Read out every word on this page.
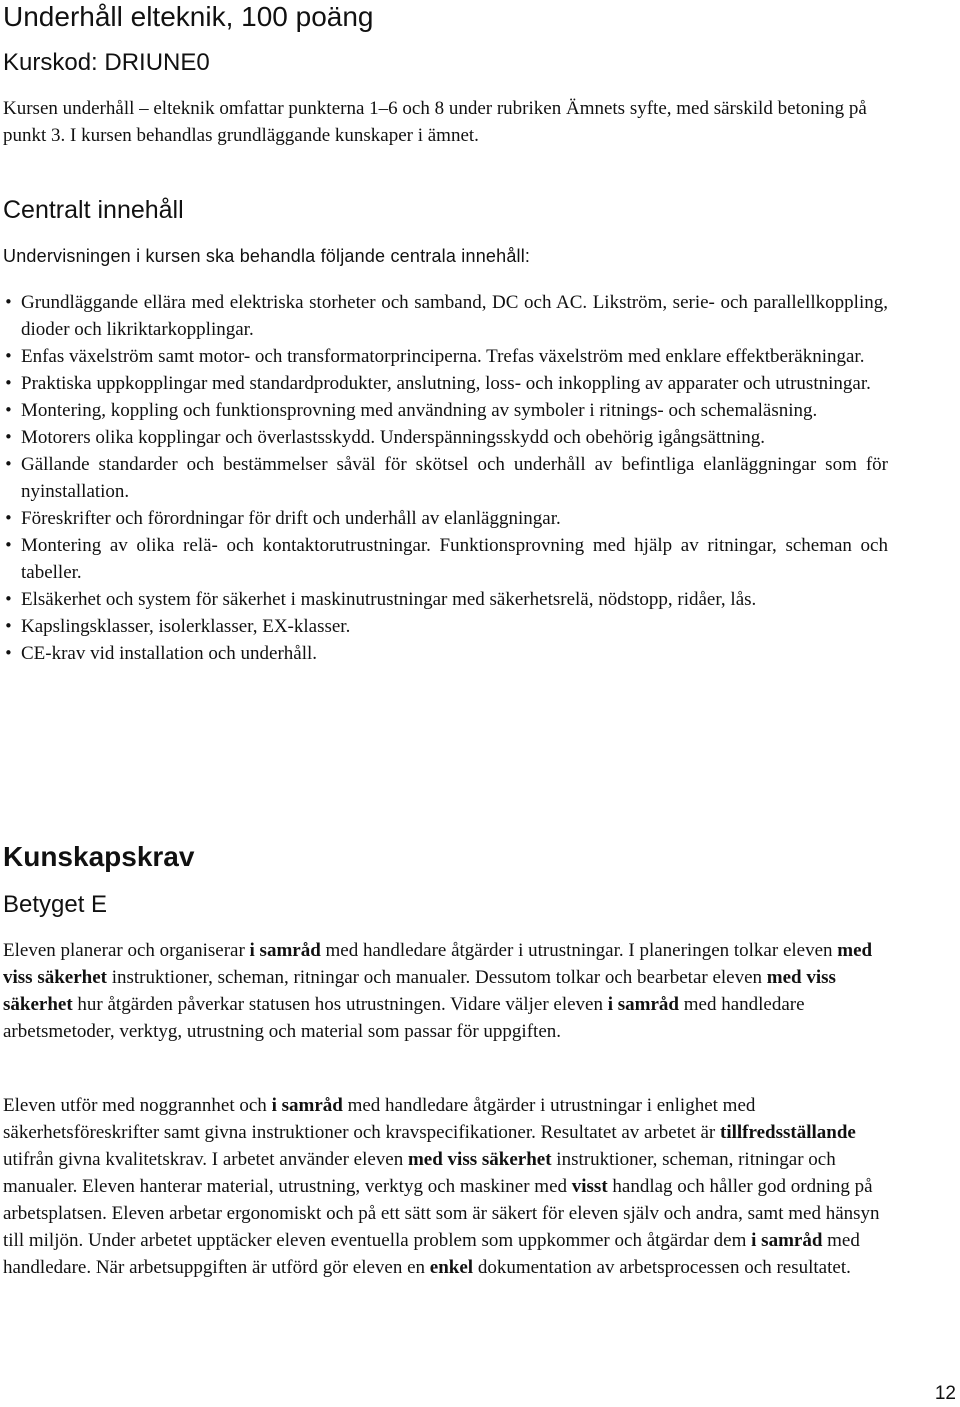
Underhåll elteknik, 100 poäng
Kurskod: DRIUNE0

Kursen underhåll – elteknik omfattar punkterna 1–6 och 8 under rubriken Ämnets syfte, med särskild betoning på punkt 3. I kursen behandlas grundläggande kunskaper i ämnet.

Centralt innehåll

Undervisningen i kursen ska behandla följande centrala innehåll:

• Grundläggande ellära med elektriska storheter och samband, DC och AC. Likström, serie- och parallellkoppling, dioder och likriktarkopplingar.
• Enfas växelström samt motor- och transformatorprinciperna. Trefas växelström med enklare effektberäkningar.
• Praktiska uppkopplingar med standardprodukter, anslutning, loss- och inkoppling av apparater och utrustningar.
• Montering, koppling och funktionsprovning med användning av symboler i ritnings- och schemaläsning.
• Motorers olika kopplingar och överlastsskydd. Underspänningsskydd och obehörig igångsättning.
• Gällande standarder och bestämmelser såväl för skötsel och underhåll av befintliga elanläggningar som för nyinstallation.
• Föreskrifter och förordningar för drift och underhåll av elanläggningar.
• Montering av olika relä- och kontaktorutrustningar. Funktionsprovning med hjälp av ritningar, scheman och tabeller.
• Elsäkerhet och system för säkerhet i maskinutrustningar med säkerhetsrelä, nödstopp, ridåer, lås.
• Kapslingsklasser, isolerklasser, EX-klasser.
• CE-krav vid installation och underhåll.
Kunskapskrav
Betyget E

Eleven planerar och organiserar i samråd med handledare åtgärder i utrustningar. I planeringen tolkar eleven med viss säkerhet instruktioner, scheman, ritningar och manualer. Dessutom tolkar och bearbetar eleven med viss säkerhet hur åtgärden påverkar statusen hos utrustningen. Vidare väljer eleven i samråd med handledare arbetsmetoder, verktyg, utrustning och material som passar för uppgiften.

Eleven utför med noggrannhet och i samråd med handledare åtgärder i utrustningar i enlighet med säkerhetsföreskrifter samt givna instruktioner och kravspecifikationer. Resultatet av arbetet är tillfredsställande utifrån givna kvalitetskrav. I arbetet använder eleven med viss säkerhet instruktioner, scheman, ritningar och manualer. Eleven hanterar material, utrustning, verktyg och maskiner med visst handlag och håller god ordning på arbetsplatsen. Eleven arbetar ergonomiskt och på ett sätt som är säkert för eleven själv och andra, samt med hänsyn till miljön. Under arbetet upptäcker eleven eventuella problem som uppkommer och åtgärdar dem i samråd med handledare. När arbetsuppgiften är utförd gör eleven en enkel dokumentation av arbetsprocessen och resultatet.

12
